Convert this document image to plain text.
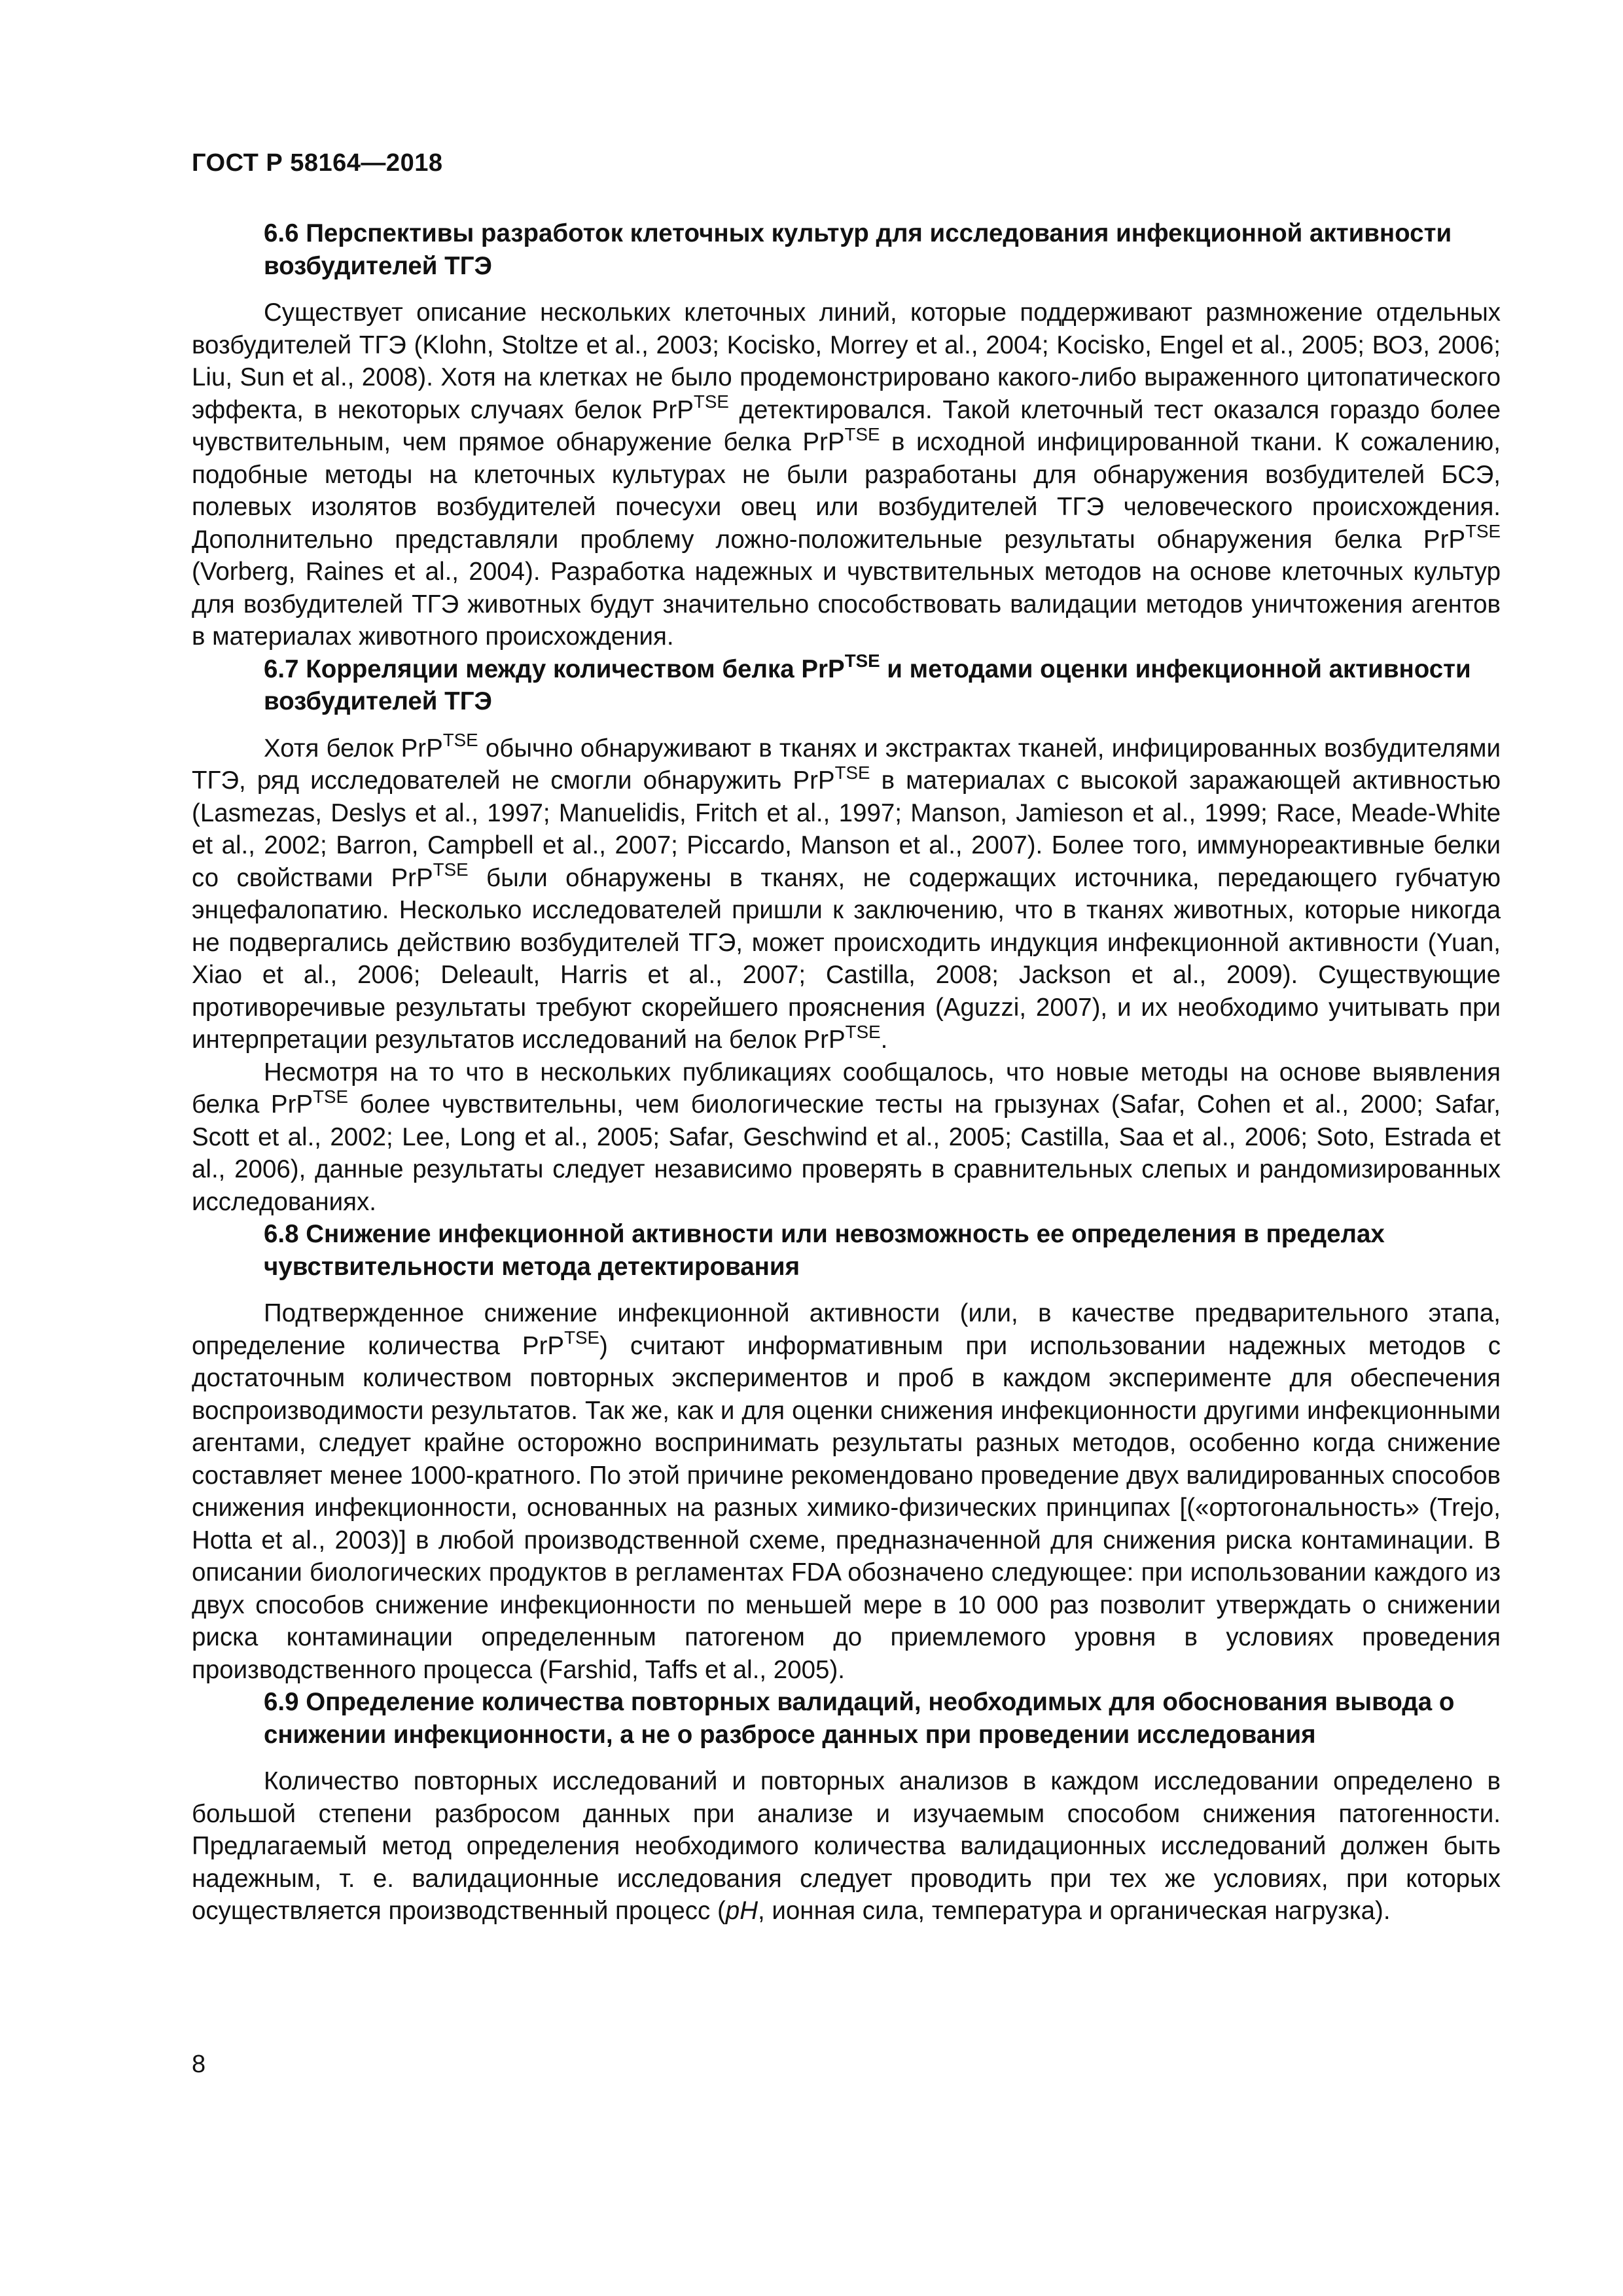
ГОСТ Р 58164—2018
6.6 Перспективы разработок клеточных культур для исследования инфекционной активности возбудителей ТГЭ

Существует описание нескольких клеточных линий, которые поддерживают размножение отдельных возбудителей ТГЭ (Klohn, Stoltze et al., 2003; Kocisko, Morrey et al., 2004; Kocisko, Engel et al., 2005; ВОЗ, 2006; Liu, Sun et al., 2008). Хотя на клетках не было продемонстрировано какого-либо выраженного цитопатического эффекта, в некоторых случаях белок PrP$^{TSE}$ детектировался. Такой клеточный тест оказался гораздо более чувствительным, чем прямое обнаружение белка PrP$^{TSE}$ в исходной инфицированной ткани. К сожалению, подобные методы на клеточных культурах не были разработаны для обнаружения возбудителей БСЭ, полевых изолятов возбудителей почесухи овец или возбудителей ТГЭ человеческого происхождения. Дополнительно представляли проблему ложно-положительные результаты обнаружения белка PrP$^{TSE}$ (Vorberg, Raines et al., 2004). Разработка надежных и чувствительных методов на основе клеточных культур для возбудителей ТГЭ животных будут значительно способствовать валидации методов уничтожения агентов в материалах животного происхождения.

6.7 Корреляции между количеством белка PrP$^{TSE}$ и методами оценки инфекционной активности возбудителей ТГЭ

Хотя белок PrP$^{TSE}$ обычно обнаруживают в тканях и экстрактах тканей, инфицированных возбудителями ТГЭ, ряд исследователей не смогли обнаружить PrP$^{TSE}$ в материалах с высокой заражающей активностью (Lasmezas, Deslys et al., 1997; Manuelidis, Fritch et al., 1997; Manson, Jamieson et al., 1999; Race, Meade-White et al., 2002; Barron, Campbell et al., 2007; Piccardo, Manson et al., 2007). Более того, иммунореактивные белки со свойствами PrP$^{TSE}$ были обнаружены в тканях, не содержащих источника, передающего губчатую энцефалопатию. Несколько исследователей пришли к заключению, что в тканях животных, которые никогда не подвергались действию возбудителей ТГЭ, может происходить индукция инфекционной активности (Yuan, Xiao et al., 2006; Deleault, Harris et al., 2007; Castilla, 2008; Jackson et al., 2009). Существующие противоречивые результаты требуют скорейшего прояснения (Aguzzi, 2007), и их необходимо учитывать при интерпретации результатов исследований на белок PrP$^{TSE}$.

Несмотря на то что в нескольких публикациях сообщалось, что новые методы на основе выявления белка PrP$^{TSE}$ более чувствительны, чем биологические тесты на грызунах (Safar, Cohen et al., 2000; Safar, Scott et al., 2002; Lee, Long et al., 2005; Safar, Geschwind et al., 2005; Castilla, Saa et al., 2006; Soto, Estrada et al., 2006), данные результаты следует независимо проверять в сравнительных слепых и рандомизированных исследованиях.

6.8 Снижение инфекционной активности или невозможность ее определения в пределах чувствительности метода детектирования

Подтвержденное снижение инфекционной активности (или, в качестве предварительного этапа, определение количества PrP$^{TSE}$) считают информативным при использовании надежных методов с достаточным количеством повторных экспериментов и проб в каждом эксперименте для обеспечения воспроизводимости результатов. Так же, как и для оценки снижения инфекционности другими инфекционными агентами, следует крайне осторожно воспринимать результаты разных методов, особенно когда снижение составляет менее 1000-кратного. По этой причине рекомендовано проведение двух валидированных способов снижения инфекционности, основанных на разных химико-физических принципах [(«ортогональность» (Trejo, Hotta et al., 2003)] в любой производственной схеме, предназначенной для снижения риска контаминации. В описании биологических продуктов в регламентах FDA обозначено следующее: при использовании каждого из двух способов снижение инфекционности по меньшей мере в 10 000 раз позволит утверждать о снижении риска контаминации определенным патогеном до приемлемого уровня в условиях проведения производственного процесса (Farshid, Taffs et al., 2005).

6.9 Определение количества повторных валидаций, необходимых для обоснования вывода о снижении инфекционности, а не о разбросе данных при проведении исследования

Количество повторных исследований и повторных анализов в каждом исследовании определено в большой степени разбросом данных при анализе и изучаемым способом снижения патогенности. Предлагаемый метод определения необходимого количества валидационных исследований должен быть надежным, т. е. валидационные исследования следует проводить при тех же условиях, при которых осуществляется производственный процесс (pH, ионная сила, температура и органическая нагрузка).

8
